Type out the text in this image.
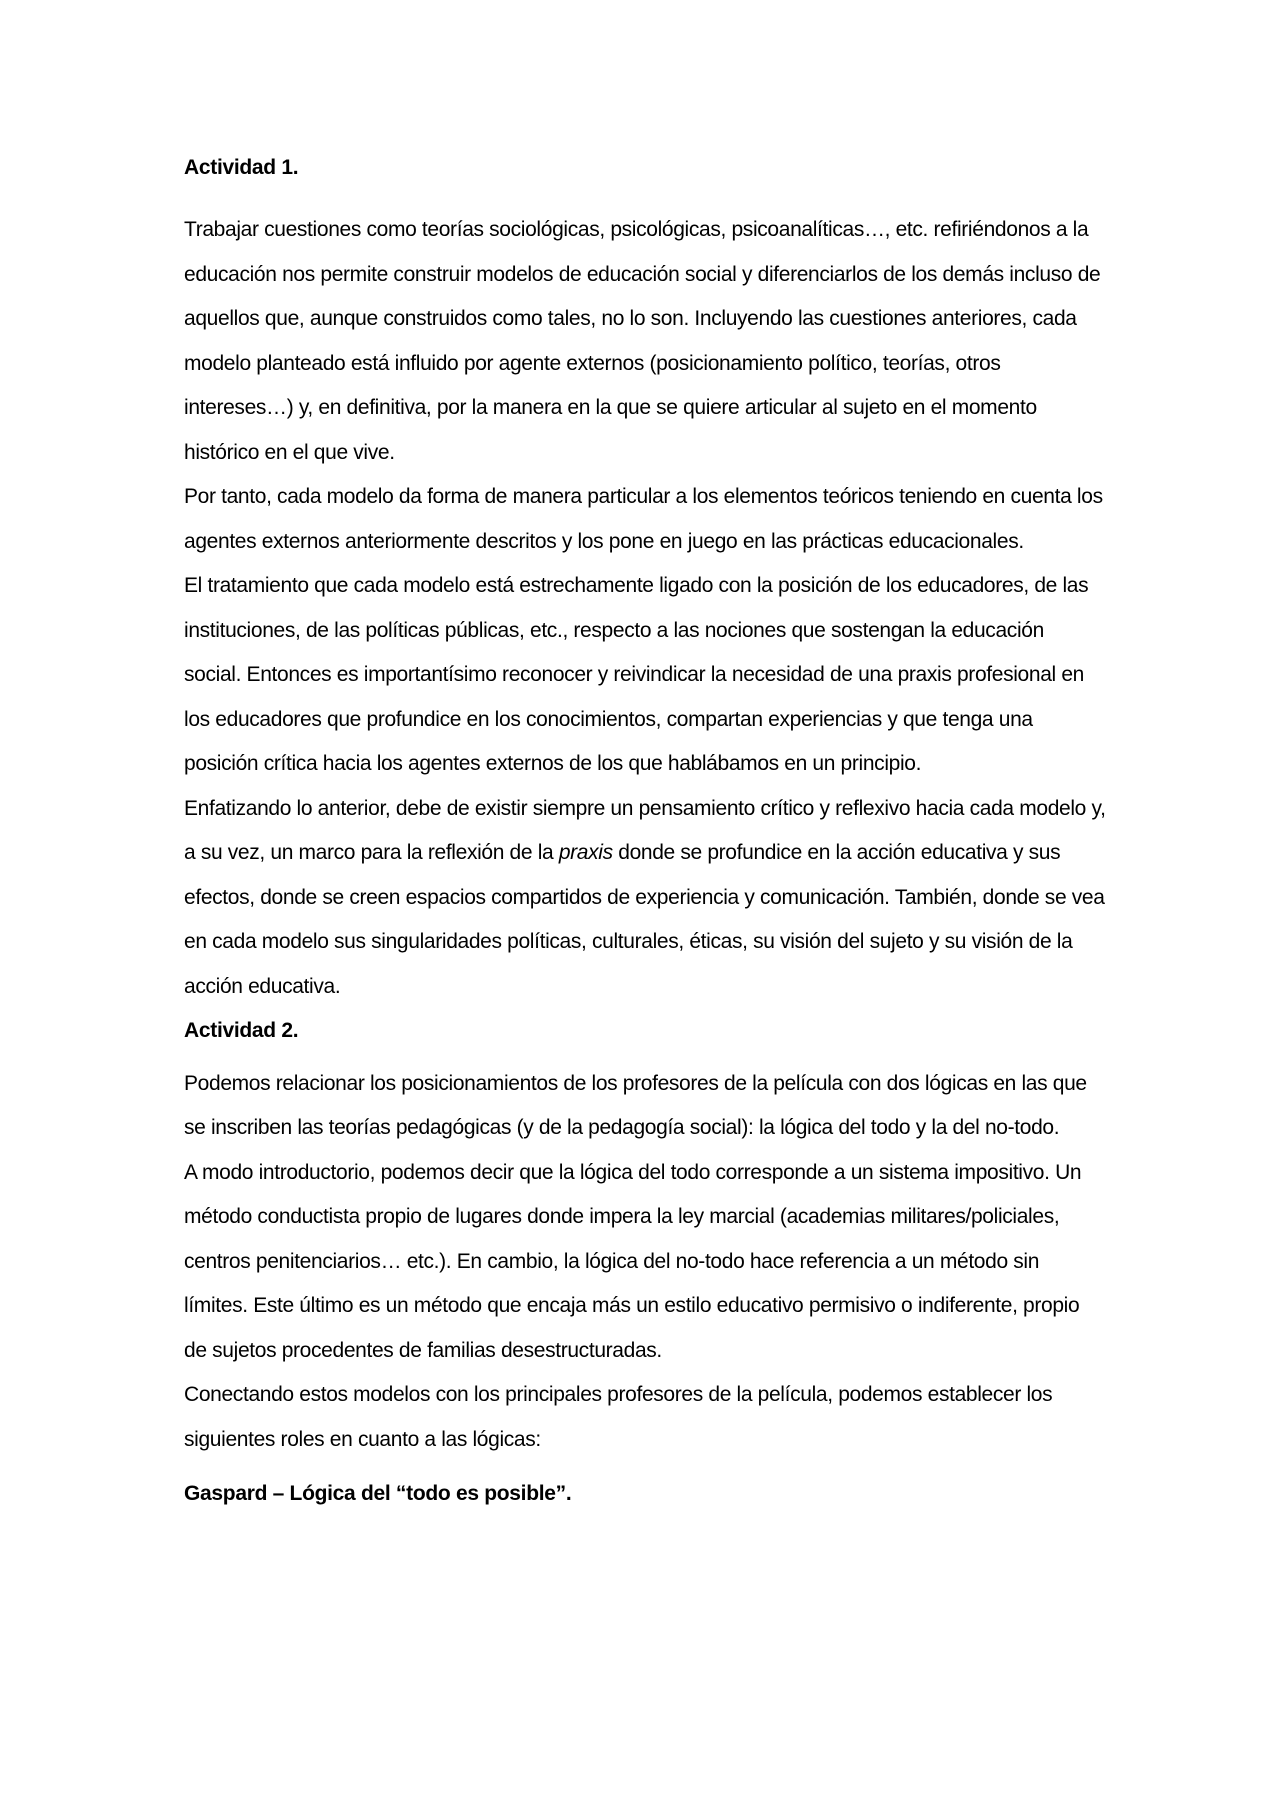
Actividad 1.

Trabajar cuestiones como teorías sociológicas, psicológicas, psicoanalíticas…, etc. refiriéndonos a la educación nos permite construir modelos de educación social y diferenciarlos de los demás incluso de aquellos que, aunque construidos como tales, no lo son. Incluyendo las cuestiones anteriores, cada modelo planteado está influido por agente externos (posicionamiento político, teorías, otros intereses…) y, en definitiva, por la manera en la que se quiere articular al sujeto en el momento histórico en el que vive.

Por tanto, cada modelo da forma de manera particular a los elementos teóricos teniendo en cuenta los agentes externos anteriormente descritos y los pone en juego en las prácticas educacionales.

El tratamiento que cada modelo está estrechamente ligado con la posición de los educadores, de las instituciones, de las políticas públicas, etc., respecto a las nociones que sostengan la educación social. Entonces es importantísimo reconocer y reivindicar la necesidad de una praxis profesional en los educadores que profundice en los conocimientos, compartan experiencias y que tenga una posición crítica hacia los agentes externos de los que hablábamos en un principio.

Enfatizando lo anterior, debe de existir siempre un pensamiento crítico y reflexivo hacia cada modelo y, a su vez, un marco para la reflexión de la praxis donde se profundice en la acción educativa y sus efectos, donde se creen espacios compartidos de experiencia y comunicación. También, donde se vea en cada modelo sus singularidades políticas, culturales, éticas, su visión del sujeto y su visión de la acción educativa.

Actividad 2.

Podemos relacionar los posicionamientos de los profesores de la película con dos lógicas en las que se inscriben las teorías pedagógicas (y de la pedagogía social): la lógica del todo y la del no-todo.

A modo introductorio, podemos decir que la lógica del todo corresponde a un sistema impositivo. Un método conductista propio de lugares donde impera la ley marcial (academias militares/policiales, centros penitenciarios… etc.). En cambio, la lógica del no-todo hace referencia a un método sin límites. Este último es un método que encaja más un estilo educativo permisivo o indiferente, propio de sujetos procedentes de familias desestructuradas.

Conectando estos modelos con los principales profesores de la película, podemos establecer los siguientes roles en cuanto a las lógicas:

Gaspard – Lógica del “todo es posible”.
